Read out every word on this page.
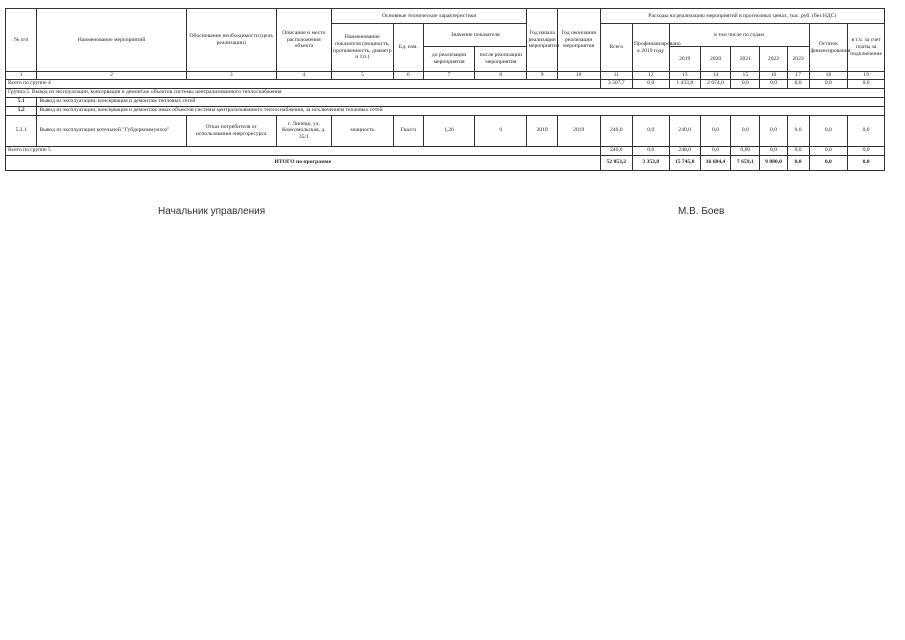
№ п/п	Наименование мероприятий	Обоснование необходимости (цель реализации)	Описание и место расположения объекта	Основные технические характеристики				Год начала реализации мероприятия	Год окончания реализации мероприятия	Расходы на реализацию мероприятий в прогнозных ценах, тыс. руб. (без НДС)								
				Наименование показателя (мощность, протяженность, диаметр и т.п.)	Ед. изм.	Значение показателя				Всего	Профинансировано к 2019 году	в том числе по годам					Остаток финансирования	в т.ч. за счет платы за подключение
						до реализации мероприятия	после реализации мероприятия					2019	2020	2021	2022	2023		
1	2	3	4	5	6	7	8	9	10	11	12	13	14	15	16	17	18	19
Всего по группе 4										3 507,7	0,0	1 433,8	2 074,0	0,0	0,0	0,0	0,0	0,0
Группа 5. Вывод из эксплуатации, консервация и демонтаж объектов системы централизованного теплоснабжения																		
5.1	Вывод из эксплуатации, консервация и демонтаж тепловых сетей																	
5.2	Вывод из эксплуатации, консервация и демонтаж иных объектов системы централизованного теплоснабжения, за исключением тепловых сетей																	
5.2.1	Вывод из эксплуатации котельной "Губдоркоммунхоз"	Отказ потребителя от использования энергоресурса	г. Липецк, ул. Комсомольская, д. 35/1	мощность	Гкал/ч	1,26	0	2019	2019	240,0	0,0	240,0	0,0	0,0	0,0	0,0	0,0	0,0
Всего по группе 5										240,0	0,0	240,0	0,0	0,00	0,0	0,0	0,0	0,0
ИТОГО по программе										52 853,2	3 353,8	15 745,8	16 684,4	7 659,1	9 080,0	0,0	0,0	0,0
Начальник управления	М.В. Боев
